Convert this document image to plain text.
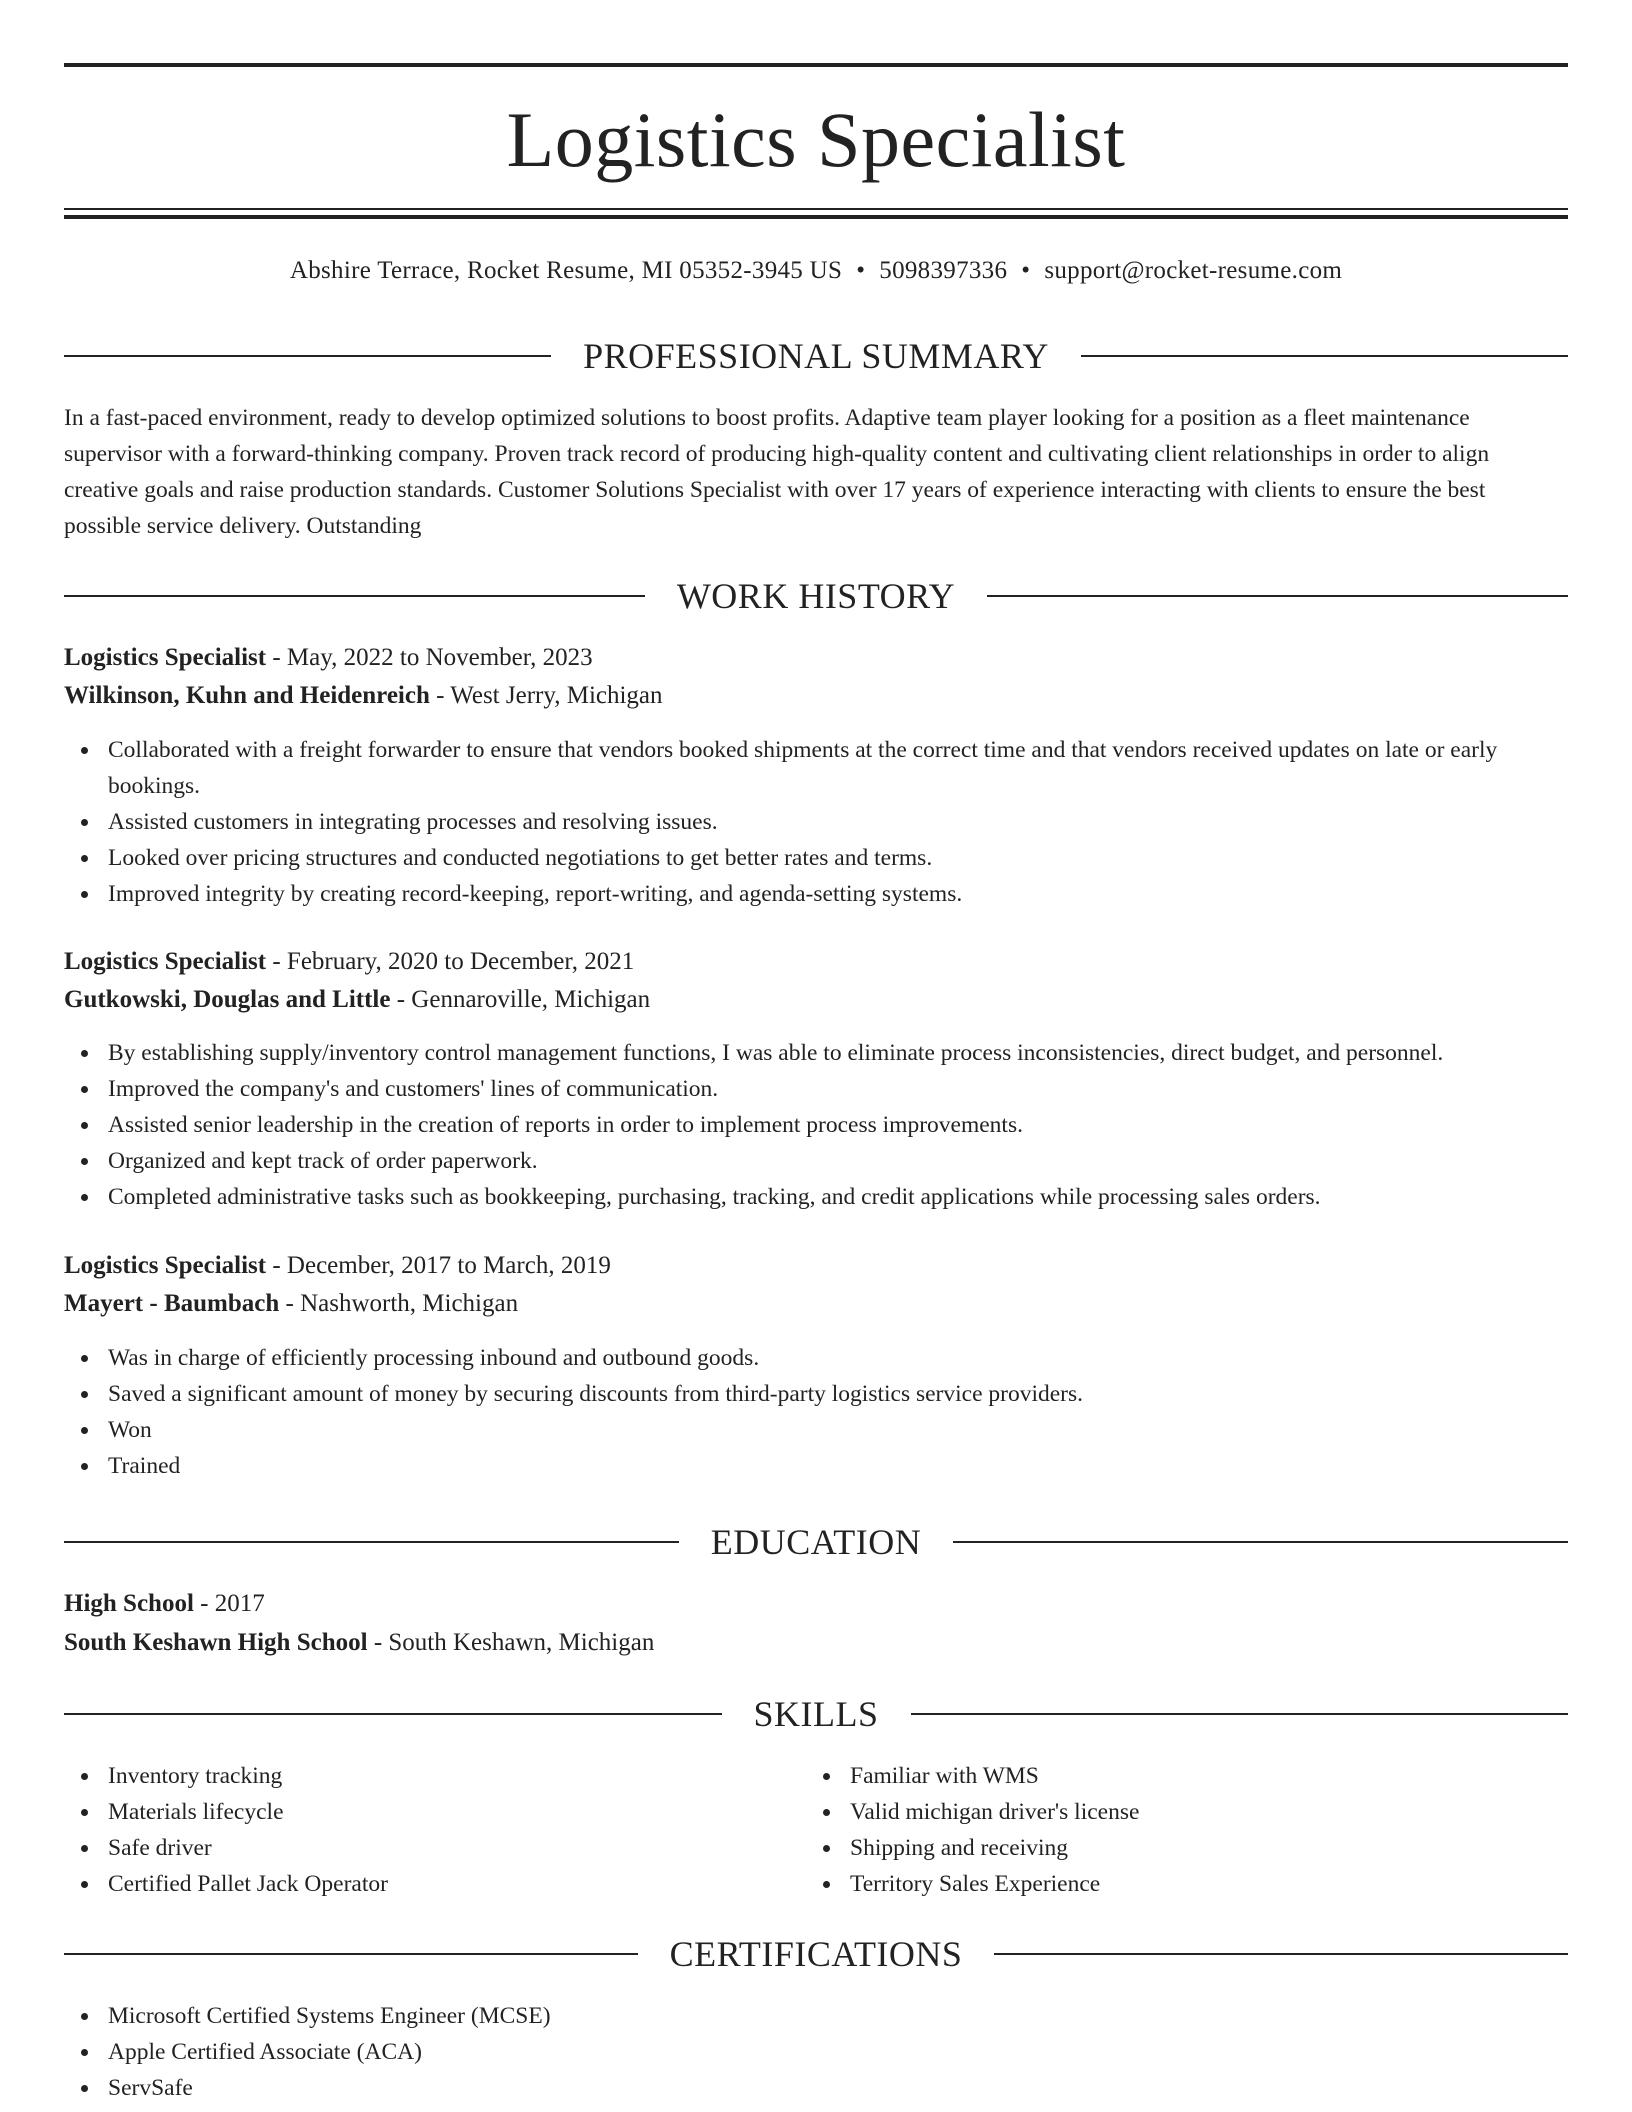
Logistics Specialist
Abshire Terrace, Rocket Resume, MI 05352-3945 US • 5098397336 • support@rocket-resume.com
PROFESSIONAL SUMMARY
In a fast-paced environment, ready to develop optimized solutions to boost profits. Adaptive team player looking for a position as a fleet maintenance supervisor with a forward-thinking company. Proven track record of producing high-quality content and cultivating client relationships in order to align creative goals and raise production standards. Customer Solutions Specialist with over 17 years of experience interacting with clients to ensure the best possible service delivery. Outstanding
WORK HISTORY
Logistics Specialist - May, 2022 to November, 2023
Wilkinson, Kuhn and Heidenreich - West Jerry, Michigan
Collaborated with a freight forwarder to ensure that vendors booked shipments at the correct time and that vendors received updates on late or early bookings.
Assisted customers in integrating processes and resolving issues.
Looked over pricing structures and conducted negotiations to get better rates and terms.
Improved integrity by creating record-keeping, report-writing, and agenda-setting systems.
Logistics Specialist - February, 2020 to December, 2021
Gutkowski, Douglas and Little - Gennaroville, Michigan
By establishing supply/inventory control management functions, I was able to eliminate process inconsistencies, direct budget, and personnel.
Improved the company's and customers' lines of communication.
Assisted senior leadership in the creation of reports in order to implement process improvements.
Organized and kept track of order paperwork.
Completed administrative tasks such as bookkeeping, purchasing, tracking, and credit applications while processing sales orders.
Logistics Specialist - December, 2017 to March, 2019
Mayert - Baumbach - Nashworth, Michigan
Was in charge of efficiently processing inbound and outbound goods.
Saved a significant amount of money by securing discounts from third-party logistics service providers.
Won
Trained
EDUCATION
High School - 2017
South Keshawn High School - South Keshawn, Michigan
SKILLS
Inventory tracking
Materials lifecycle
Safe driver
Certified Pallet Jack Operator
Familiar with WMS
Valid michigan driver's license
Shipping and receiving
Territory Sales Experience
CERTIFICATIONS
Microsoft Certified Systems Engineer (MCSE)
Apple Certified Associate (ACA)
ServSafe
